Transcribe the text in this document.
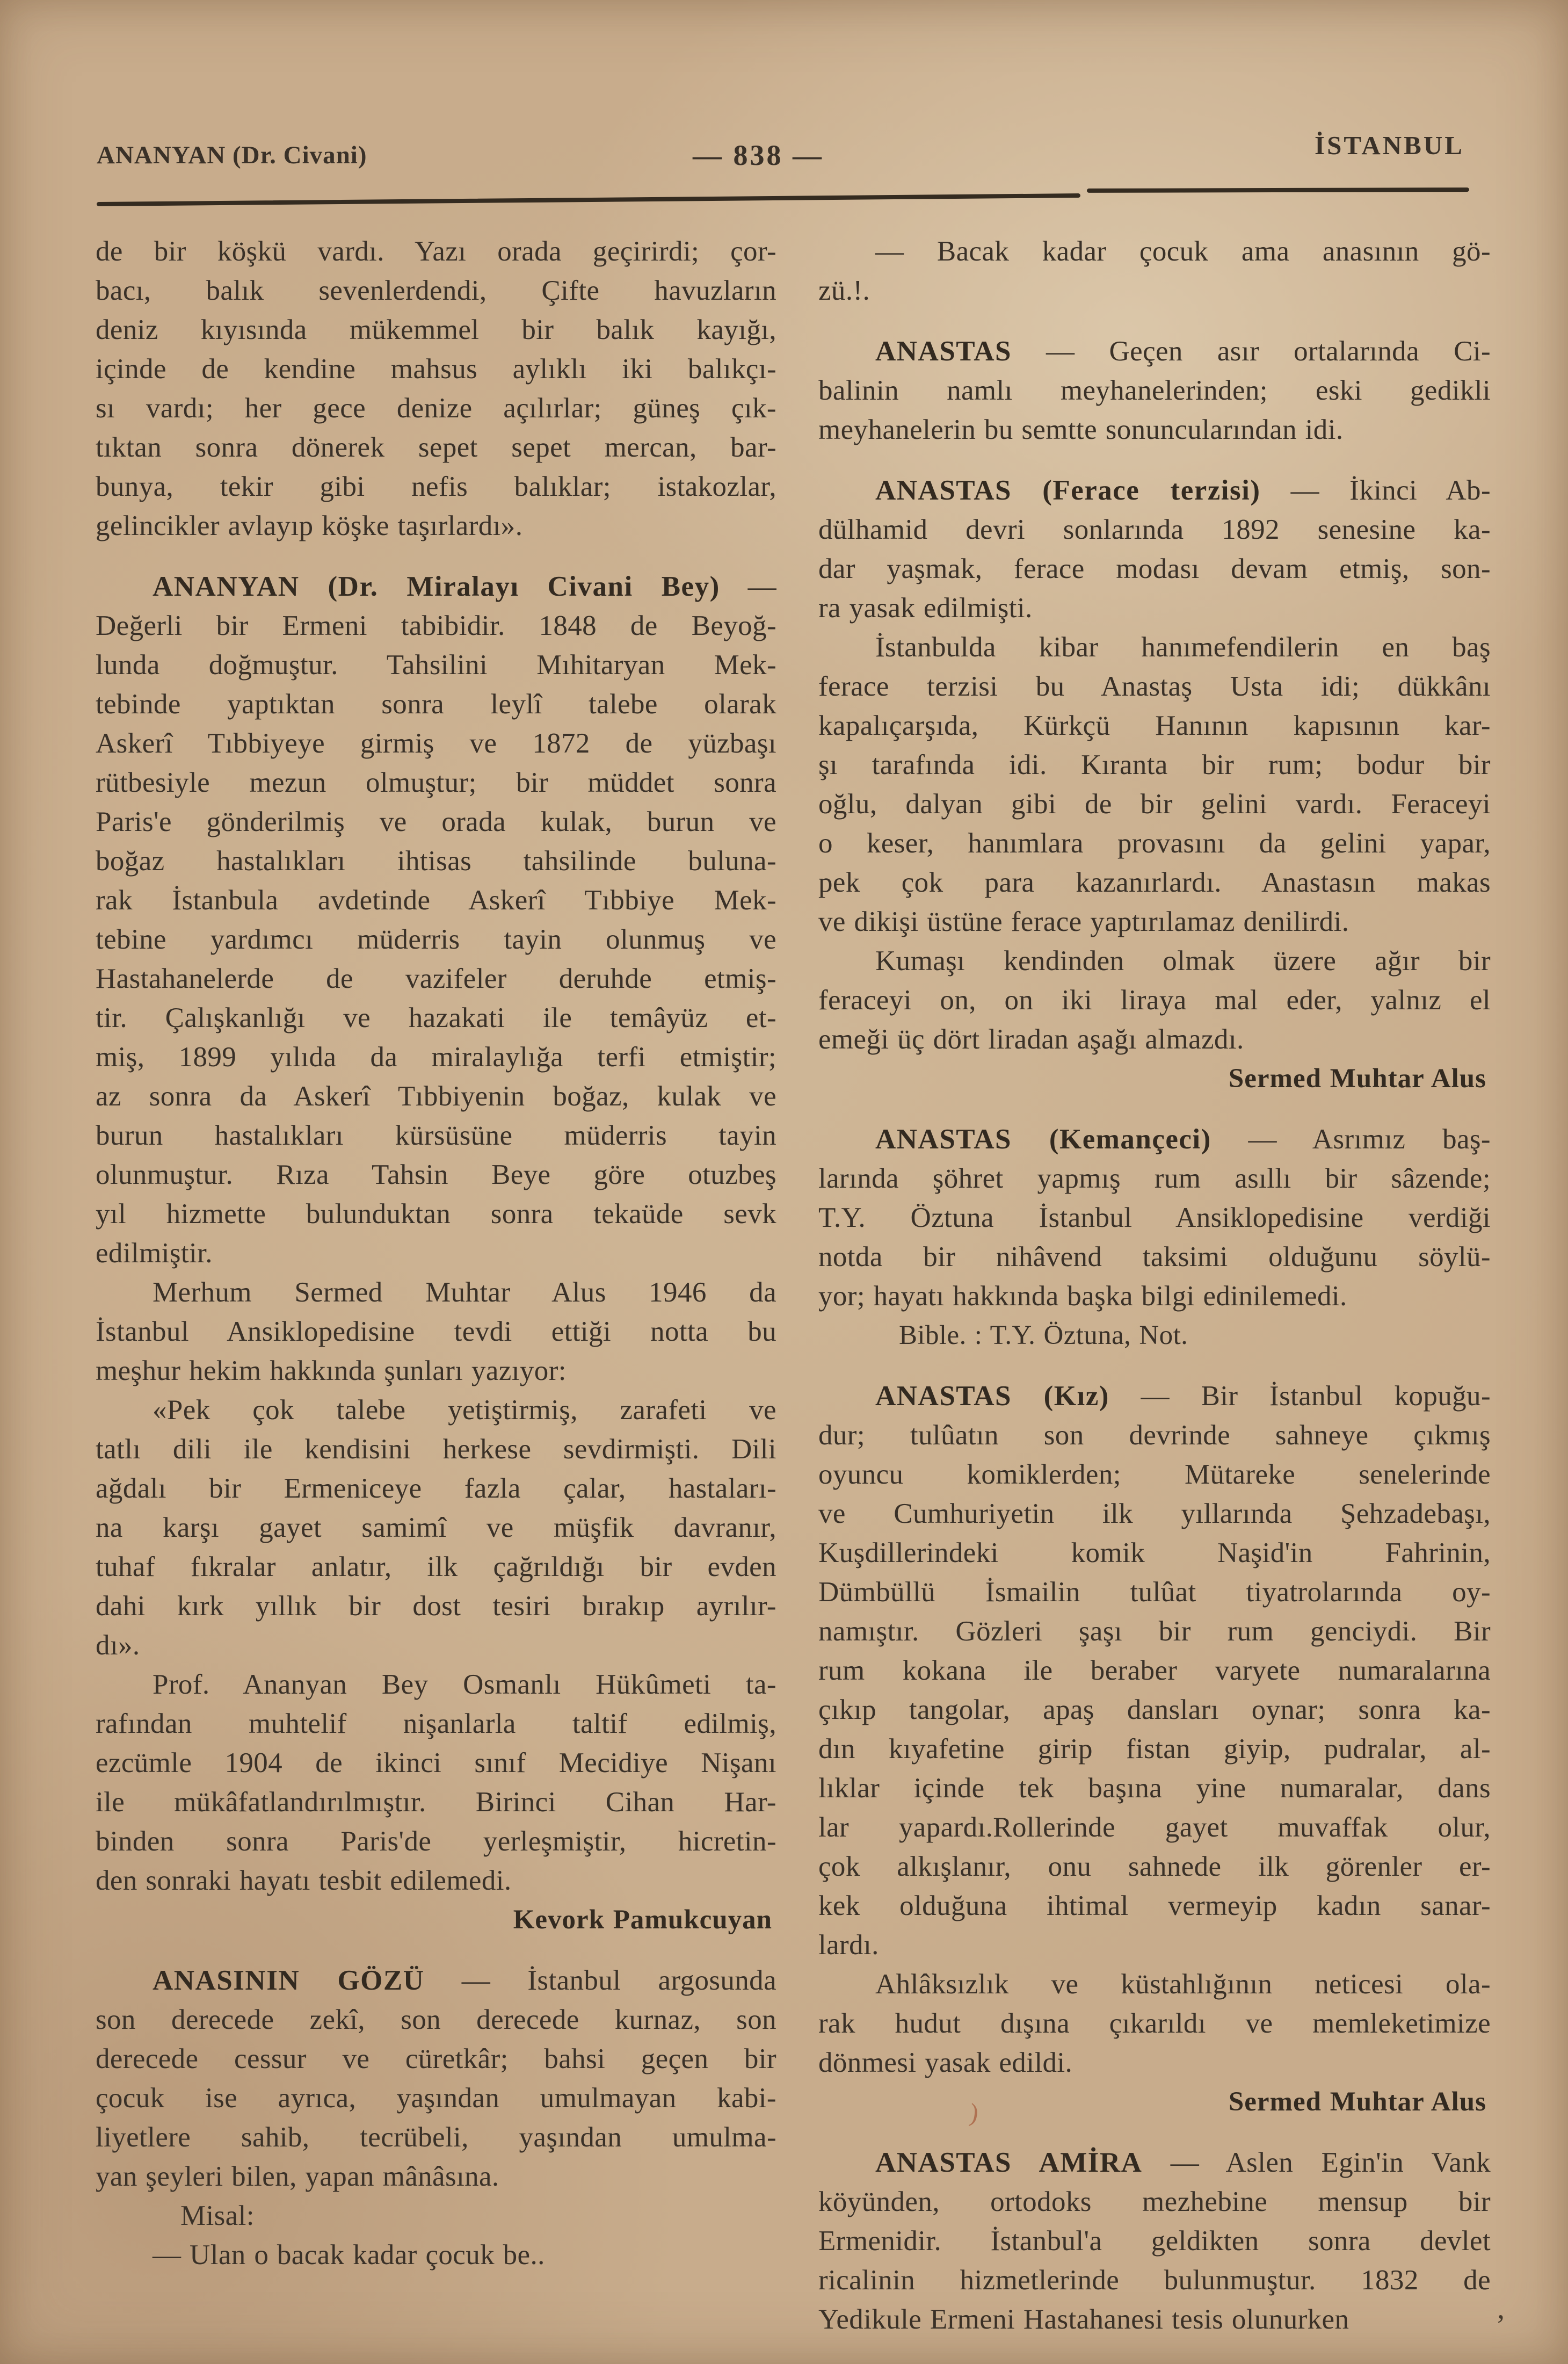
ANANYAN (Dr. Civani)	— 838 —	İSTANBUL
de bir köşkü vardı. Yazı orada geçirirdi; çor-
bacı, balık sevenlerdendi, Çifte havuzların
deniz kıyısında mükemmel bir balık kayığı,
içinde de kendine mahsus aylıklı iki balıkçı-
sı vardı; her gece denize açılırlar; güneş çık-
tıktan sonra dönerek sepet sepet mercan, bar-
bunya, tekir gibi nefis balıklar; istakozlar,
gelincikler avlayıp köşke taşırlardı».
ANANYAN (Dr. Miralayı Civani Bey) —
Değerli bir Ermeni tabibidir. 1848 de Beyoğ-
lunda doğmuştur. Tahsilini Mıhitaryan Mek-
tebinde yaptıktan sonra leylî talebe olarak
Askerî Tıbbiyeye girmiş ve 1872 de yüzbaşı
rütbesiyle mezun olmuştur; bir müddet sonra
Paris'e gönderilmiş ve orada kulak, burun ve
boğaz hastalıkları ihtisas tahsilinde buluna-
rak İstanbula avdetinde Askerî Tıbbiye Mek-
tebine yardımcı müderris tayin olunmuş ve
Hastahanelerde de vazifeler deruhde etmiş-
tir. Çalışkanlığı ve hazakati ile temâyüz et-
miş, 1899 yılıda da miralaylığa terfi etmiştir;
az sonra da Askerî Tıbbiyenin boğaz, kulak ve
burun hastalıkları kürsüsüne müderris tayin
olunmuştur. Rıza Tahsin Beye göre otuzbeş
yıl hizmette bulunduktan sonra tekaüde sevk
edilmiştir.
Merhum Sermed Muhtar Alus 1946 da
İstanbul Ansiklopedisine tevdi ettiği notta bu
meşhur hekim hakkında şunları yazıyor:
«Pek çok talebe yetiştirmiş, zarafeti ve
tatlı dili ile kendisini herkese sevdirmişti. Dili
ağdalı bir Ermeniceye fazla çalar, hastaları-
na karşı gayet samimî ve müşfik davranır,
tuhaf fıkralar anlatır, ilk çağrıldığı bir evden
dahi kırk yıllık bir dost tesiri bırakıp ayrılır-
dı».
Prof. Ananyan Bey Osmanlı Hükûmeti ta-
rafından muhtelif nişanlarla taltif edilmiş,
ezcümle 1904 de ikinci sınıf Mecidiye Nişanı
ile mükâfatlandırılmıştır. Birinci Cihan Har-
binden sonra Paris'de yerleşmiştir, hicretin-
den sonraki hayatı tesbit edilemedi.
Kevork Pamukcuyan
ANASININ GÖZÜ — İstanbul argosunda
son derecede zekî, son derecede kurnaz, son
derecede cessur ve cüretkâr; bahsi geçen bir
çocuk ise ayrıca, yaşından umulmayan kabi-
liyetlere sahib, tecrübeli, yaşından umulma-
yan şeyleri bilen, yapan mânâsına.
Misal:
— Ulan o bacak kadar çocuk be..
— Bacak kadar çocuk ama anasının gö-
zü.!.
ANASTAS — Geçen asır ortalarında Ci-
balinin namlı meyhanelerinden; eski gedikli
meyhanelerin bu semtte sonuncularından idi.
ANASTAS (Ferace terzisi) — İkinci Ab-
dülhamid devri sonlarında 1892 senesine ka-
dar yaşmak, ferace modası devam etmiş, son-
ra yasak edilmişti.
İstanbulda kibar hanımefendilerin en baş
ferace terzisi bu Anastaş Usta idi; dükkânı
kapalıçarşıda, Kürkçü Hanının kapısının kar-
şı tarafında idi. Kıranta bir rum; bodur bir
oğlu, dalyan gibi de bir gelini vardı. Feraceyi
o keser, hanımlara provasını da gelini yapar,
pek çok para kazanırlardı. Anastasın makas
ve dikişi üstüne ferace yaptırılamaz denilirdi.
Kumaşı kendinden olmak üzere ağır bir
feraceyi on, on iki liraya mal eder, yalnız el
emeği üç dört liradan aşağı almazdı.
Sermed Muhtar Alus
ANASTAS (Kemançeci) — Asrımız baş-
larında şöhret yapmış rum asıllı bir sâzende;
T.Y. Öztuna İstanbul Ansiklopedisine verdiği
notda bir nihâvend taksimi olduğunu söylü-
yor; hayatı hakkında başka bilgi edinilemedi.
Bible. : T.Y. Öztuna, Not.
ANASTAS (Kız) — Bir İstanbul kopuğu-
dur; tulûatın son devrinde sahneye çıkmış
oyuncu komiklerden; Mütareke senelerinde
ve Cumhuriyetin ilk yıllarında Şehzadebaşı,
Kuşdillerindeki komik Naşid'in Fahrinin,
Dümbüllü İsmailin tulûat tiyatrolarında oy-
namıştır. Gözleri şaşı bir rum genciydi. Bir
rum kokana ile beraber varyete numaralarına
çıkıp tangolar, apaş dansları oynar; sonra ka-
dın kıyafetine girip fistan giyip, pudralar, al-
lıklar içinde tek başına yine numaralar, dans
lar yapardı.Rollerinde gayet muvaffak olur,
çok alkışlanır, onu sahnede ilk görenler er-
kek olduğuna ihtimal vermeyip kadın sanar-
lardı.
Ahlâksızlık ve küstahlığının neticesi ola-
rak hudut dışına çıkarıldı ve memleketimize
dönmesi yasak edildi.
Sermed Muhtar Alus
ANASTAS AMİRA — Aslen Egin'in Vank
köyünden, ortodoks mezhebine mensup bir
Ermenidir. İstanbul'a geldikten sonra devlet
ricalinin hizmetlerinde bulunmuştur. 1832 de
Yedikule Ermeni Hastahanesi tesis olunurken
)
,
